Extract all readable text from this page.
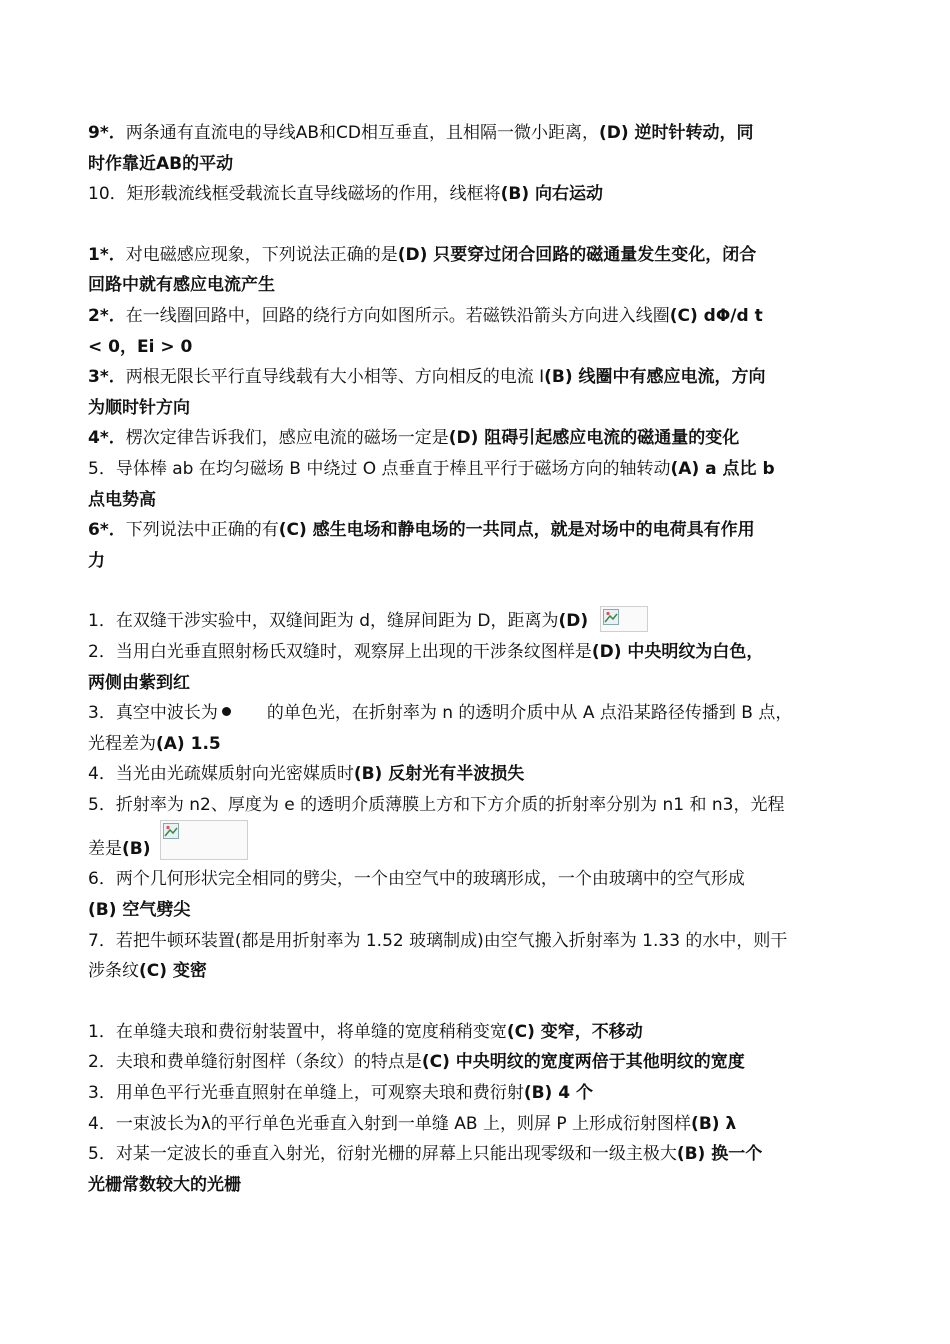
9*．两条通有直流电的导线AB和CD相互垂直，且相隔一微小距离，(D) 逆时针转动，同
时作靠近AB的平动
10．矩形载流线框受载流长直导线磁场的作用，线框将(B) 向右运动
1*．对电磁感应现象，下列说法正确的是(D) 只要穿过闭合回路的磁通量发生变化，闭合
回路中就有感应电流产生
2*．在一线圈回路中，回路的绕行方向如图所示。若磁铁沿箭头方向进入线圈(C) dΦ/d t
< 0，Ei > 0
3*．两根无限长平行直导线载有大小相等、方向相反的电流 I(B) 线圈中有感应电流，方向
为顺时针方向
4*．楞次定律告诉我们，感应电流的磁场一定是(D) 阻碍引起感应电流的磁通量的变化
5．导体棒 ab 在均匀磁场 B 中绕过 O 点垂直于棒且平行于磁场方向的轴转动(A) a 点比 b
点电势高
6*．下列说法中正确的有(C) 感生电场和静电场的一共同点，就是对场中的电荷具有作用
力
1．在双缝干涉实验中，双缝间距为 d，缝屏间距为 D，距离为(D)
2．当用白光垂直照射杨氏双缝时，观察屏上出现的干涉条纹图样是(D) 中央明纹为白色，
两侧由紫到红
3．真空中波长为	的单色光，在折射率为 n 的透明介质中从 A 点沿某路径传播到 B 点，
光程差为(A) 1.5
4．当光由光疏媒质射向光密媒质时(B) 反射光有半波损失
5．折射率为 n2、厚度为 e 的透明介质薄膜上方和下方介质的折射率分别为 n1 和 n3，光程
差是(B)
6．两个几何形状完全相同的劈尖，一个由空气中的玻璃形成，一个由玻璃中的空气形成
(B) 空气劈尖
7．若把牛顿环装置(都是用折射率为 1.52 玻璃制成)由空气搬入折射率为 1.33 的水中，则干
涉条纹(C) 变密
1．在单缝夫琅和费衍射装置中，将单缝的宽度稍稍变宽(C) 变窄，不移动
2．夫琅和费单缝衍射图样（条纹）的特点是(C) 中央明纹的宽度两倍于其他明纹的宽度
3．用单色平行光垂直照射在单缝上，可观察夫琅和费衍射(B) 4 个
4．一束波长为λ的平行单色光垂直入射到一单缝 AB 上，则屏 P 上形成衍射图样(B) λ
5．对某一定波长的垂直入射光，衍射光栅的屏幕上只能出现零级和一级主极大(B) 换一个
光栅常数较大的光栅
